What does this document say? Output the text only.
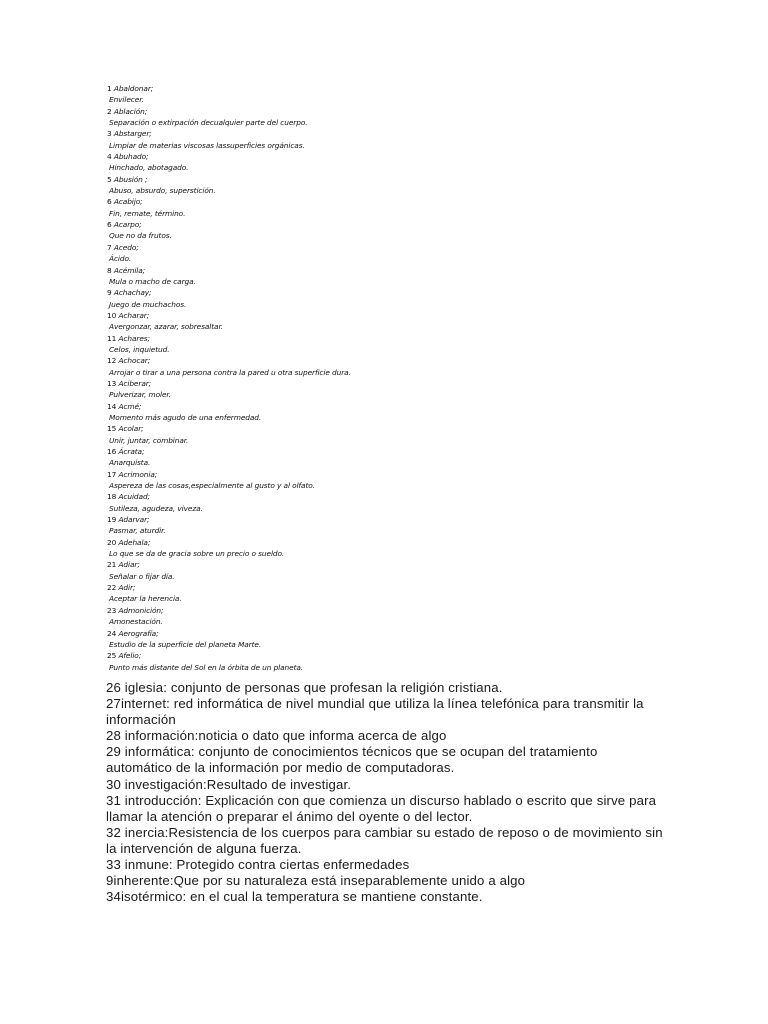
1 Abaldonar;
Envilecer.
2 Ablación;
Separación o extirpación decualquier parte del cuerpo.
3 Abstarger;
Limpiar de materias viscosas lassuperficies orgánicas.
4 Abuhado;
Hinchado, abotagado.
5 Abusión ;
Abuso, absurdo, superstición.
6 Acabijo;
Fin, remate, término.
6 Acarpo;
Que no da frutos.
7 Acedo;
Ácido.
8 Acémila;
Mula o macho de carga.
9 Achachay;
Juego de muchachos.
10 Acharar;
Avergonzar, azarar, sobresaltar.
11 Achares;
Celos, inquietud.
12 Achocar;
Arrojar o tirar a una persona contra la pared u otra superficie dura.
13 Aciberar;
Pulverizar, moler.
14 Acmé;
Momento más agudo de una enfermedad.
15 Acolar;
Unir, juntar, combinar.
16 Ácrata;
Anarquista.
17 Acrimonia;
Aspereza de las cosas,especialmente al gusto y al olfato.
18 Acuidad;
Sutileza, agudeza, viveza.
19 Adarvar;
Pasmar, aturdir.
20 Adehala;
Lo que se da de gracia sobre un precio o sueldo.
21 Adiar;
Señalar o fijar día.
22 Adir;
Aceptar la herencia.
23 Admonición;
Amonestación.
24 Aerografía;
Estudio de la superficie del planeta Marte.
25 Afelio;
Punto más distante del Sol en la órbita de un planeta.

26 iglesia: conjunto de personas que profesan la religión cristiana.

27internet: red informática de nivel mundial que utiliza la línea telefónica para transmitir la información

28 información:noticia o dato que informa acerca de algo

29 informática: conjunto de conocimientos técnicos que se ocupan del tratamiento automático de la información por medio de computadoras.

30 investigación:Resultado de investigar.

31 introducción: Explicación con que comienza un discurso hablado o escrito que sirve para llamar la atención o preparar el ánimo del oyente o del lector.

32 inercia:Resistencia de los cuerpos para cambiar su estado de reposo o de movimiento sin la intervención de alguna fuerza.

33 inmune: Protegido contra ciertas enfermedades

9inherente:Que por su naturaleza está inseparablemente unido a algo

34isotérmico: en el cual la temperatura se mantiene constante.
